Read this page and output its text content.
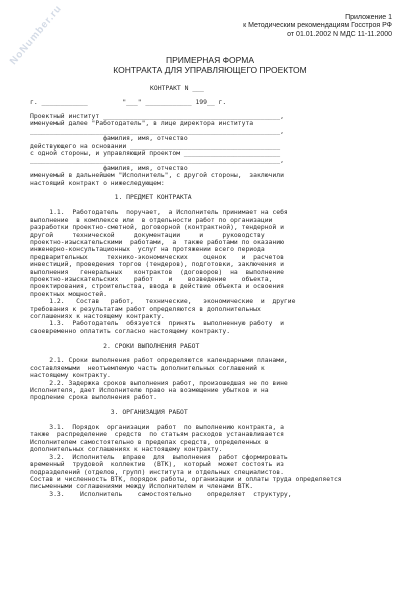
NoNumber.ru	Приложение 1
к Методическим рекомендациям Госстроя РФ
от 01.01.2002 N МДС 11-11.2000
ПРИМЕРНАЯ ФОРМА
КОНТРАКТА ДЛЯ УПРАВЛЯЮЩЕГО ПРОЕКТОМ
КОНТРАКТ N ___
г. ____________         "___" ____________ 199__ г.
Проектный институт ______________________________________________,
именуемый далее "Работодатель", в лице директора института
_________________________________________________________________,
фамилия, имя, отчество
действующего на основании _______________________________________
с одной стороны, и управляющий проектом _________________________
_________________________________________________________________,
фамилия, имя, отчество
именуемый в дальнейшем "Исполнитель", с другой стороны,  заключили
настоящий контракт о нижеследующем:

1. ПРЕДМЕТ КОНТРАКТА

1.1.  Работодатель  поручает,  а Исполнитель принимает на себя
выполнение  в комплексе или  в отдельности работ по организации
разработки проектно-сметной, договорной (контрактной), тендерной и
другой     технической     документации     и     руководству
проектно-изыскательскими  работами,  а  также работами по оказанию
инженерно-консультационных  услуг на протяжении всего периода
предварительных     технико-экономических    оценок    и  расчетов
инвестиций, проведения торгов (тендеров), подготовки, заключения и
выполнения   генеральных   контрактов  (договоров)  на  выполнение
проектно-изыскательских    работ    и    возведение    объекта,
проектирования, строительства, ввода в действие объекта и освоения
проектных мощностей.
1.2.   Состав   работ,   технические,   экономические  и  другие
требования к результатам работ определяются в дополнительных
соглашениях к настоящему контракту.
1.3.  Работодатель  обязуется  принять  выполненную работу  и
своевременно оплатить согласно настоящему контракту.

2. СРОКИ ВЫПОЛНЕНИЯ РАБОТ

2.1. Сроки выполнения работ определяются календарными планами,
составляемыми  неотъемлемую часть дополнительных соглашений к
настоящему контракту.
2.2. Задержка сроков выполнения работ, произошедшая не по вине
Исполнителя, дает Исполнителю право на возмещение убытков и на
продление срока выполнения работ.

3. ОРГАНИЗАЦИЯ РАБОТ

3.1.  Порядок  организации  работ  по выполнению контракта, а
также  распределение  средств  по статьям расходов устанавливается
Исполнителем самостоятельно в пределах средств, определенных в
дополнительных соглашениях к настоящему контракту.
3.2.  Исполнитель  вправе  для  выполнения  работ сформировать
временный  трудовой  коллектив  (ВТК),  который  может состоять из
подразделений (отделов, групп) института и отдельных специалистов.
Состав и численность ВТК, порядок работы, организации и оплаты труда определяется
письменными соглашениями между Исполнителем и членами ВТК.
3.3.    Исполнитель    самостоятельно    определяет  структуру,
